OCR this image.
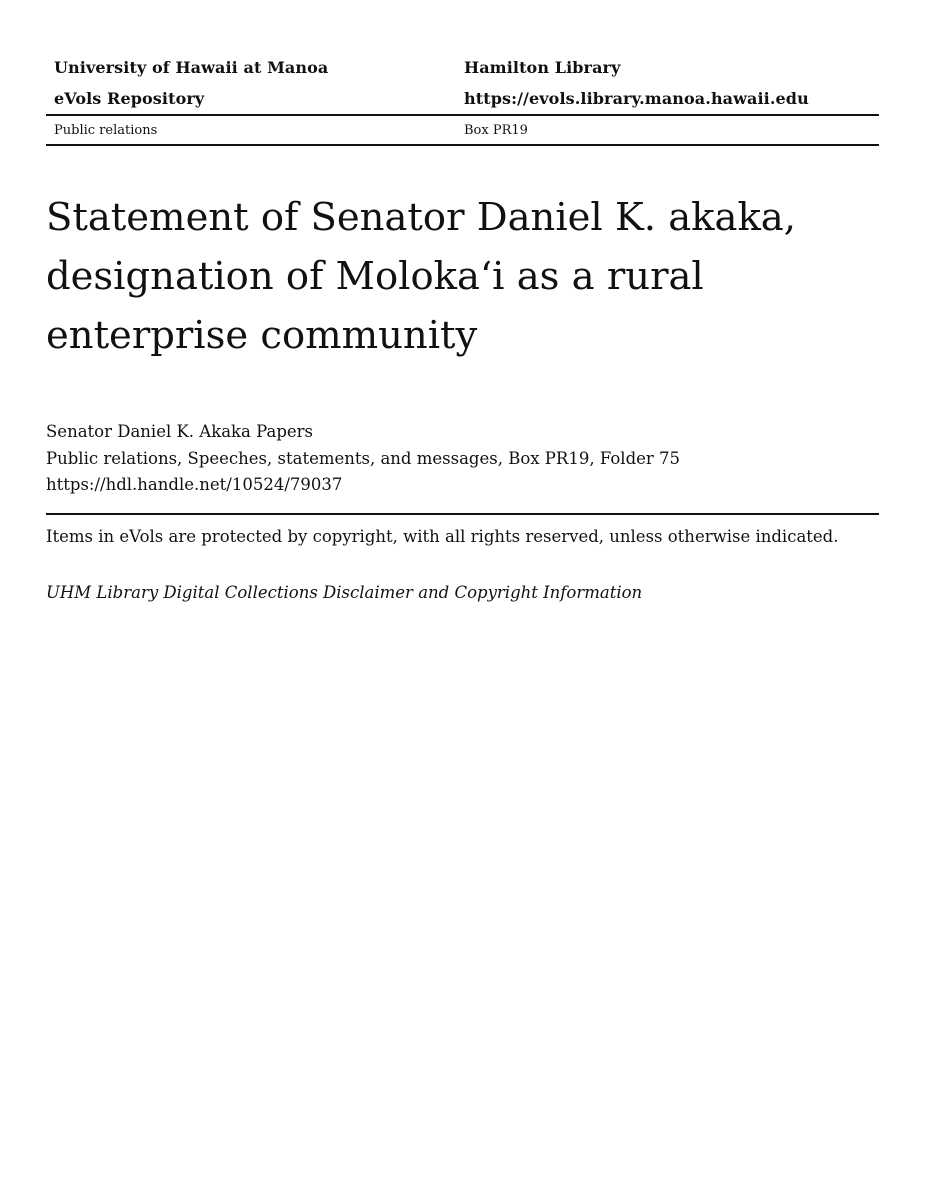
University of Hawaii at Manoa	Hamilton Library
eVols Repository	https://evols.library.manoa.hawaii.edu
Public relations	Box PR19
Statement of Senator Daniel K. akaka,
designation of Moloka‘i as a rural
enterprise community
Senator Daniel K. Akaka Papers
Public relations, Speeches, statements, and messages, Box PR19, Folder 75
https://hdl.handle.net/10524/79037
Items in eVols are protected by copyright, with all rights reserved, unless otherwise indicated.
UHM Library Digital Collections Disclaimer and Copyright Information
